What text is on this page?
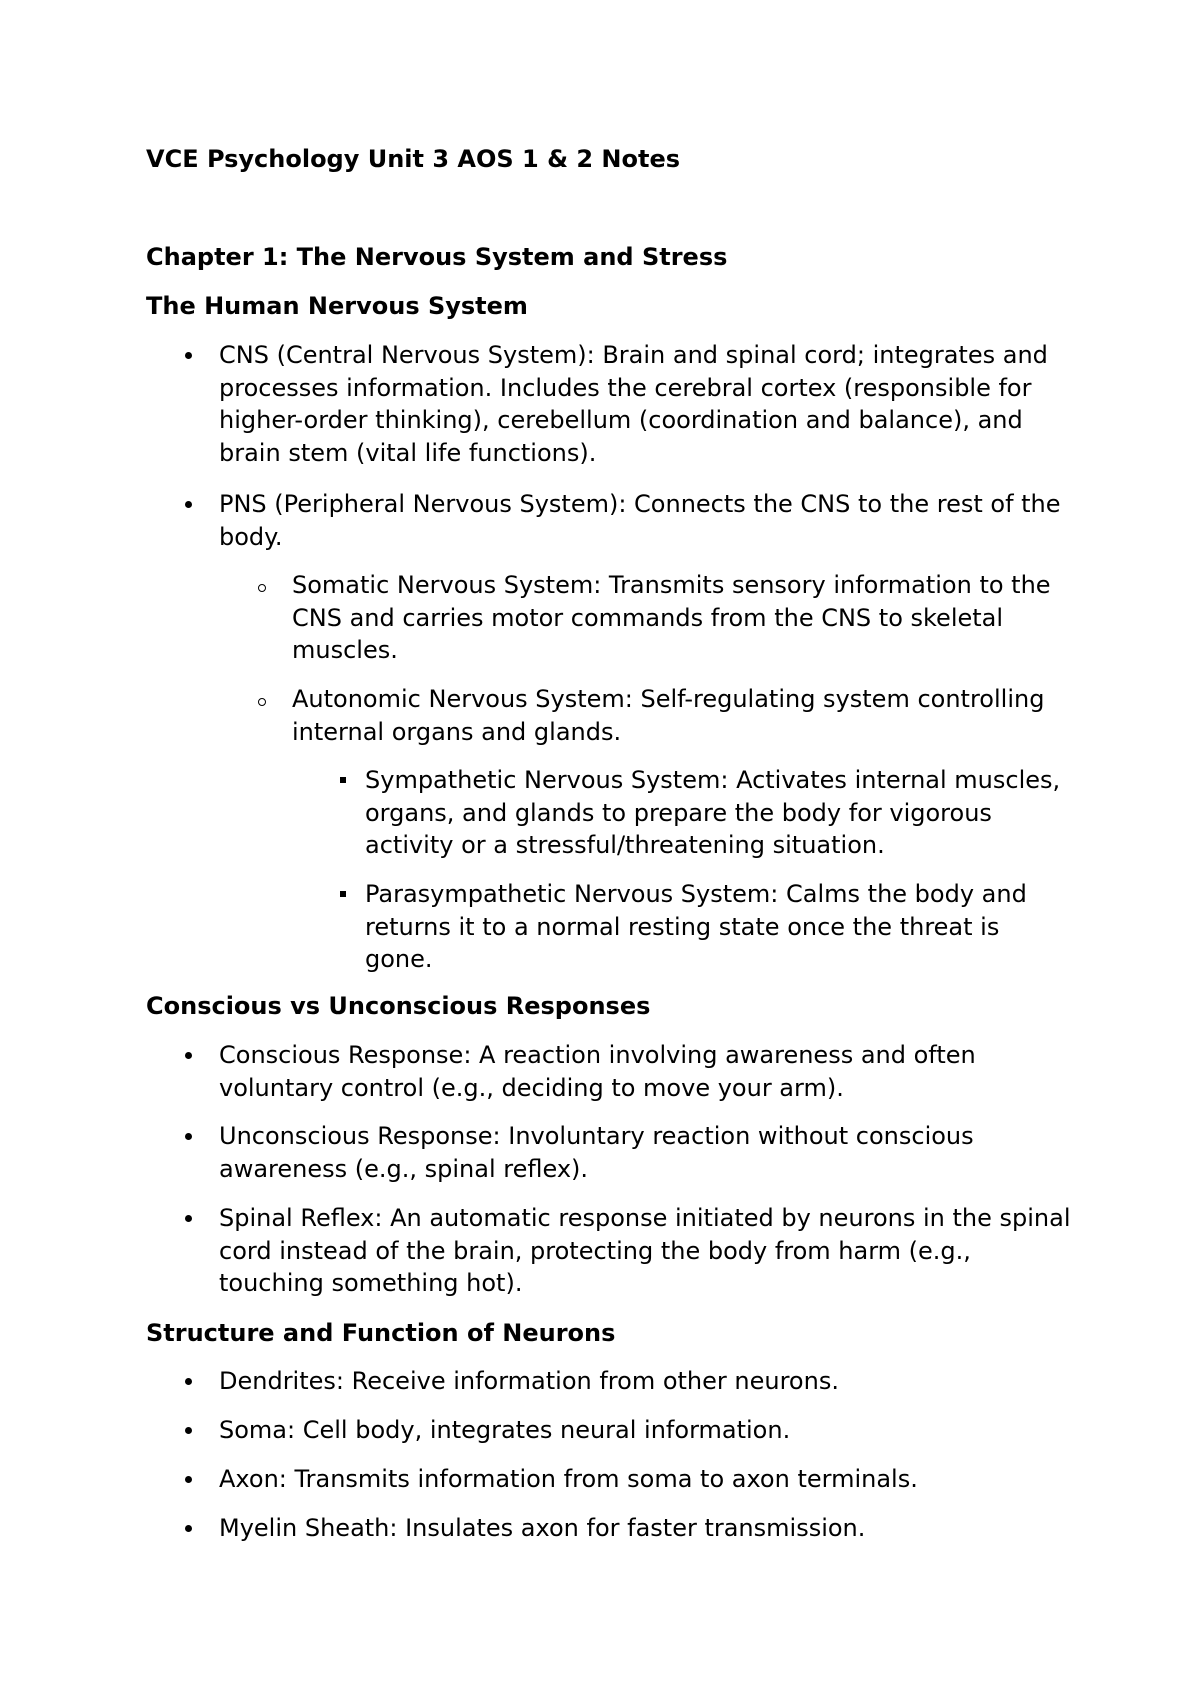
VCE Psychology Unit 3 AOS 1 & 2 Notes
Chapter 1: The Nervous System and Stress
The Human Nervous System
CNS (Central Nervous System): Brain and spinal cord; integrates and processes information. Includes the cerebral cortex (responsible for higher-order thinking), cerebellum (coordination and balance), and brain stem (vital life functions).
PNS (Peripheral Nervous System): Connects the CNS to the rest of the body.
Somatic Nervous System: Transmits sensory information to the CNS and carries motor commands from the CNS to skeletal muscles.
Autonomic Nervous System: Self-regulating system controlling internal organs and glands.
Sympathetic Nervous System: Activates internal muscles, organs, and glands to prepare the body for vigorous activity or a stressful/threatening situation.
Parasympathetic Nervous System: Calms the body and returns it to a normal resting state once the threat is gone.
Conscious vs Unconscious Responses
Conscious Response: A reaction involving awareness and often voluntary control (e.g., deciding to move your arm).
Unconscious Response: Involuntary reaction without conscious awareness (e.g., spinal reflex).
Spinal Reflex: An automatic response initiated by neurons in the spinal cord instead of the brain, protecting the body from harm (e.g., touching something hot).
Structure and Function of Neurons
Dendrites: Receive information from other neurons.
Soma: Cell body, integrates neural information.
Axon: Transmits information from soma to axon terminals.
Myelin Sheath: Insulates axon for faster transmission.
